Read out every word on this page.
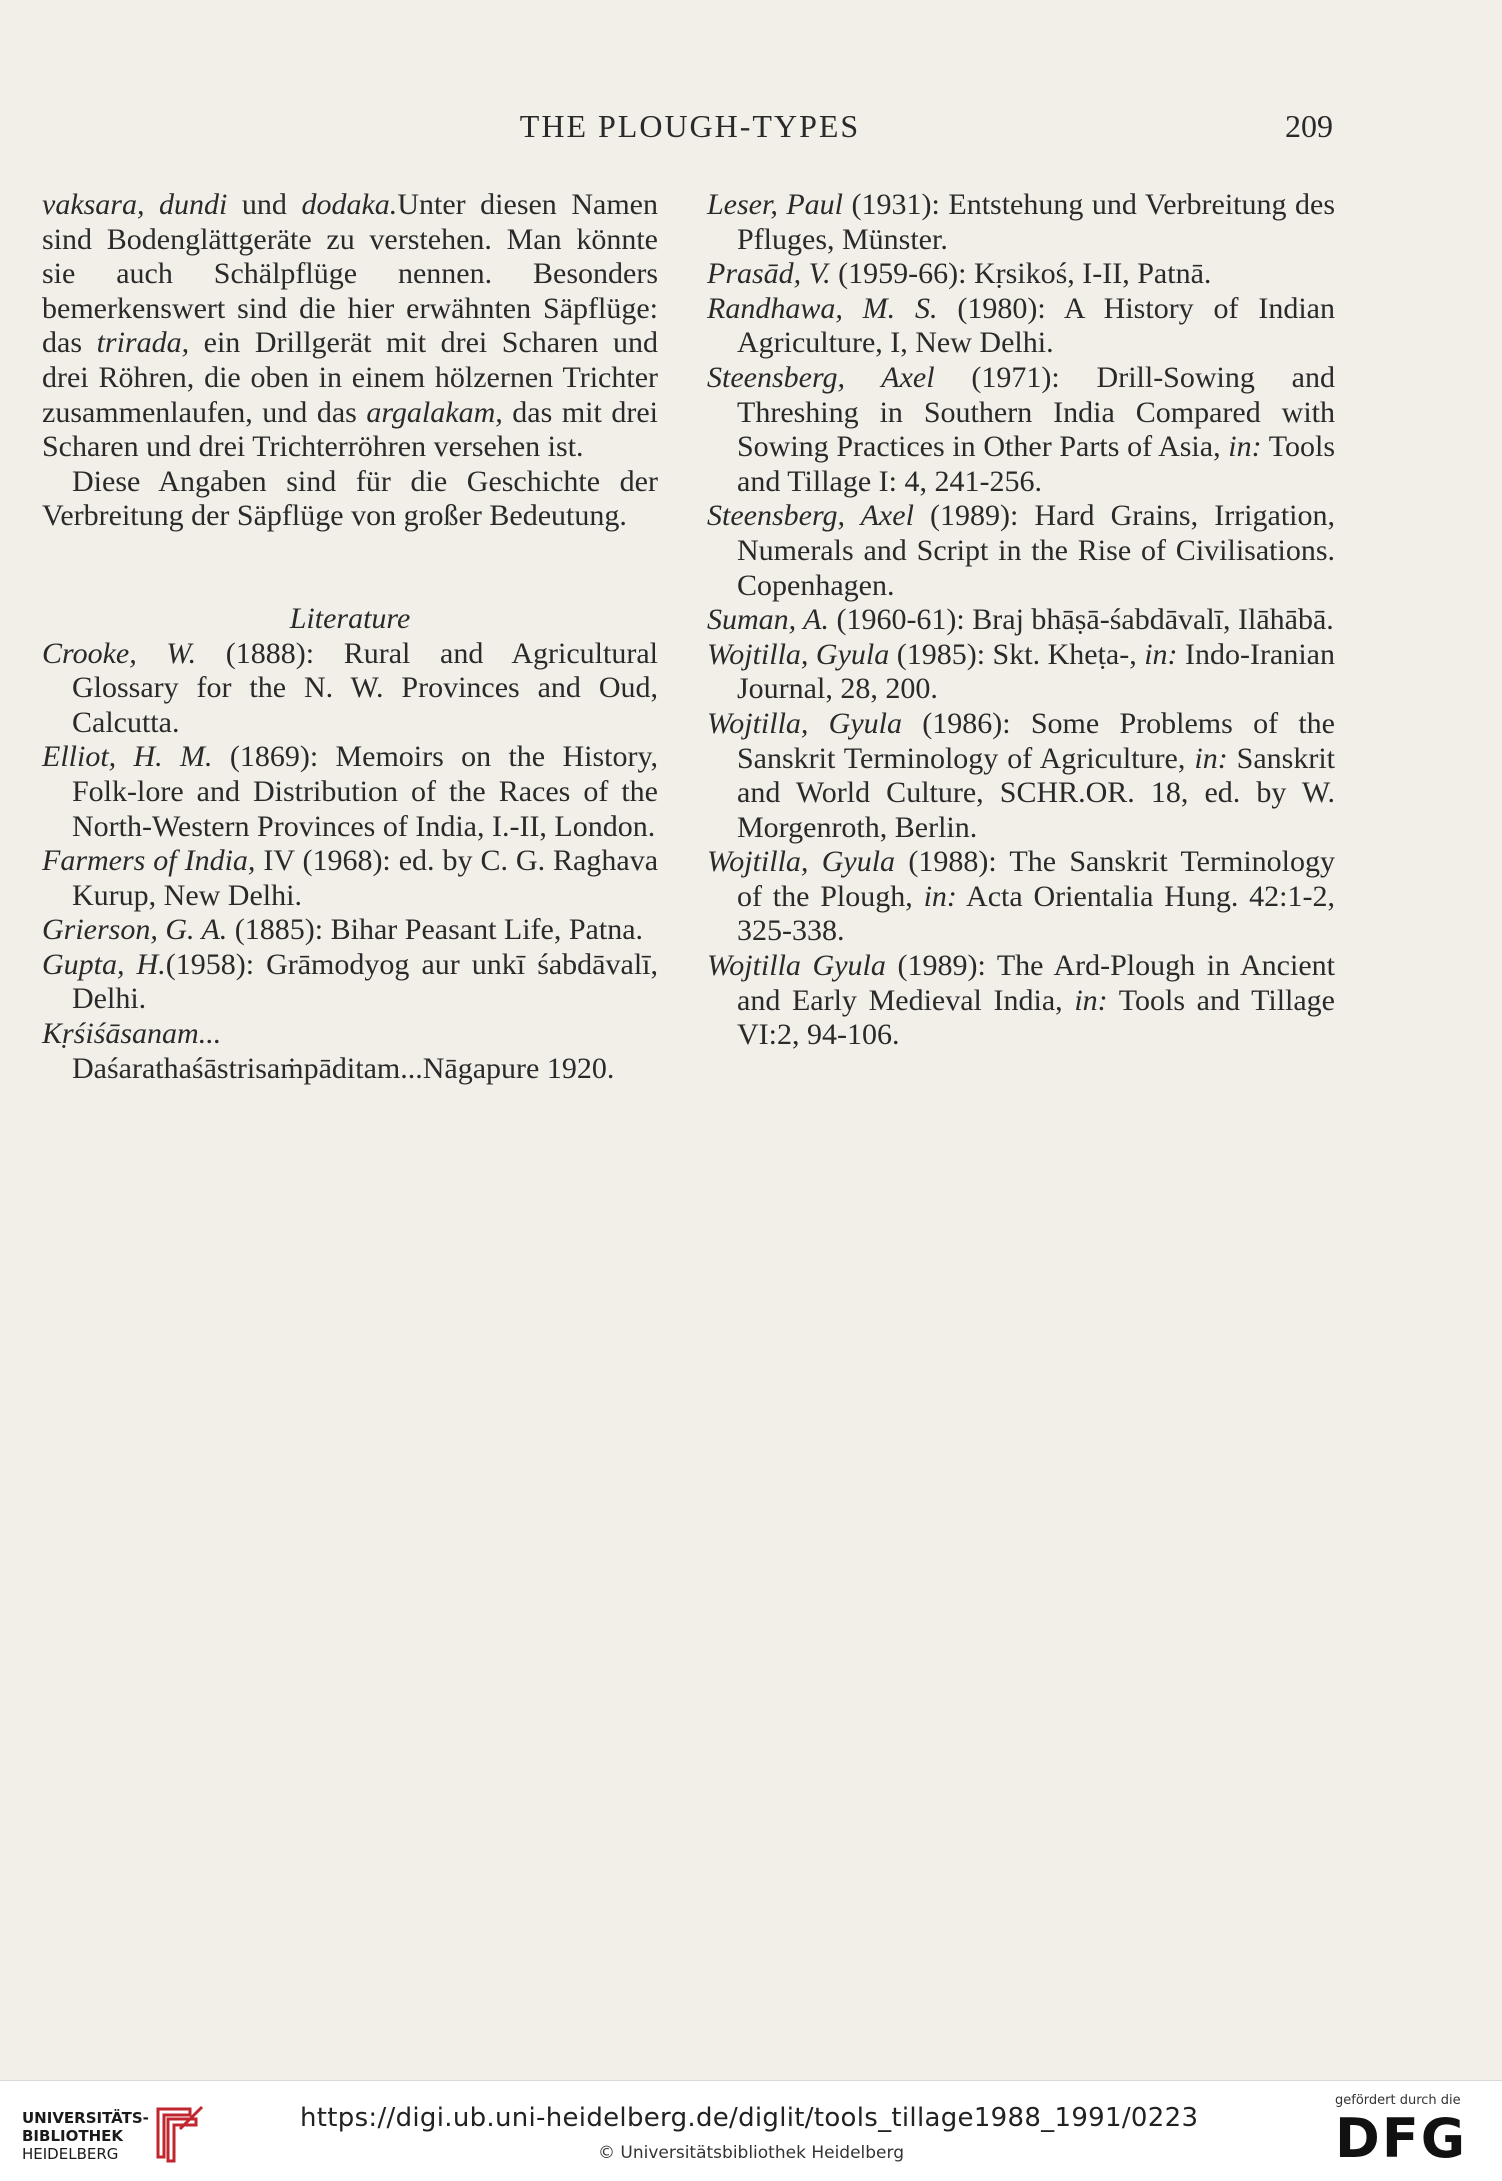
THE PLOUGH-TYPES	209

vaksara, dundi und dodaka.Unter diesen Namen sind Bodenglättgeräte zu verstehen. Man könnte sie auch Schälpflüge nennen. Besonders bemerkenswert sind die hier erwähnten Säpflüge: das trirada, ein Drillgerät mit drei Scharen und drei Röhren, die oben in einem hölzernen Trichter zusammenlaufen, und das argalakam, das mit drei Scharen und drei Trichterröhren versehen ist.

Diese Angaben sind für die Geschichte der Verbreitung der Säpflüge von großer Bedeutung.

Literature

Crooke, W. (1888): Rural and Agricultural Glossary for the N. W. Provinces and Oud, Calcutta.

Elliot, H. M. (1869): Memoirs on the History, Folk-lore and Distribution of the Races of the North-Western Provinces of India, I.-II, London.

Farmers of India, IV (1968): ed. by C. G. Raghava Kurup, New Delhi.

Grierson, G. A. (1885): Bihar Peasant Life, Patna.

Gupta, H.(1958): Grāmodyog aur unkī śabdāvalī, Delhi.

Kṛśiśāsanam... Daśarathaśāstrisaṁpāditam...Nāgapure 1920.

Leser, Paul (1931): Entstehung und Verbreitung des Pfluges, Münster.

Prasād, V. (1959-66): Kṛsikoś, I-II, Patnā.

Randhawa, M. S. (1980): A History of Indian Agriculture, I, New Delhi.

Steensberg, Axel (1971): Drill-Sowing and Threshing in Southern India Compared with Sowing Practices in Other Parts of Asia, in: Tools and Tillage I: 4, 241-256.

Steensberg, Axel (1989): Hard Grains, Irrigation, Numerals and Script in the Rise of Civilisations. Copenhagen.

Suman, A. (1960-61): Braj bhāṣā-śabdāvalī, Ilāhābā.

Wojtilla, Gyula (1985): Skt. Kheṭa-, in: Indo-Iranian Journal, 28, 200.

Wojtilla, Gyula (1986): Some Problems of the Sanskrit Terminology of Agriculture, in: Sanskrit and World Culture, SCHR.OR. 18, ed. by W. Morgenroth, Berlin.

Wojtilla, Gyula (1988): The Sanskrit Terminology of the Plough, in: Acta Orientalia Hung. 42:1-2, 325-338.

Wojtilla Gyula (1989): The Ard-Plough in Ancient and Early Medieval India, in: Tools and Tillage VI:2, 94-106.

UNIVERSITÄTS-
BIBLIOTHEK
HEIDELBERG
https://digi.ub.uni-heidelberg.de/diglit/tools_tillage1988_1991/0223
© Universitätsbibliothek Heidelberg
gefördert durch die
DFG
